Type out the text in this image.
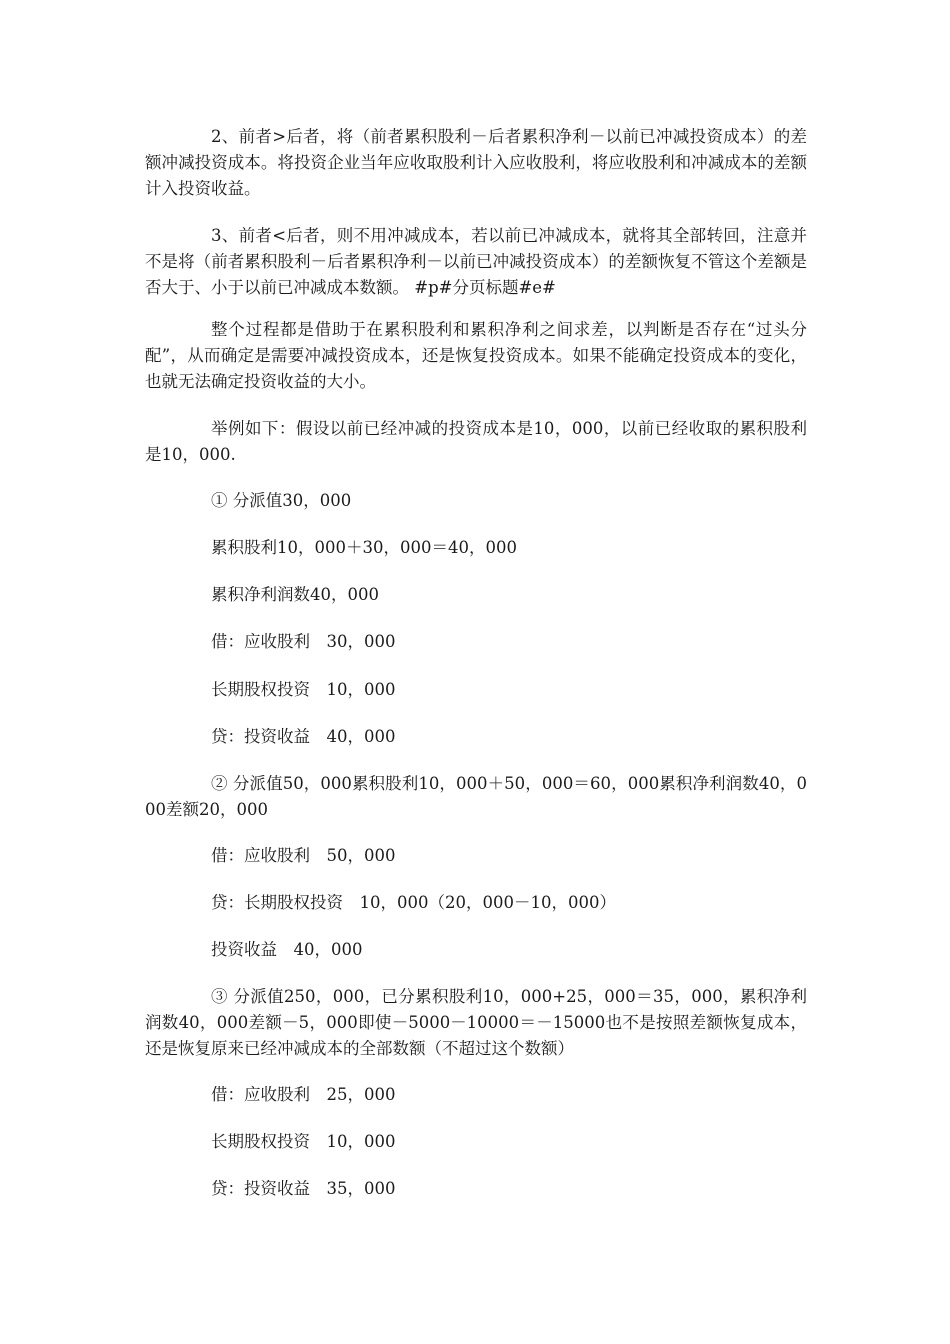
2、前者>后者，将（前者累积股利－后者累积净利－以前已冲减投资成本）的差额冲减投资成本。将投资企业当年应收取股利计入应收股利，将应收股利和冲减成本的差额计入投资收益。

3、前者<后者，则不用冲减成本，若以前已冲减成本，就将其全部转回，注意并不是将（前者累积股利－后者累积净利－以前已冲减投资成本）的差额恢复不管这个差额是否大于、小于以前已冲减成本数额。 #p#分页标题#e#

整个过程都是借助于在累积股利和累积净利之间求差，以判断是否存在“过头分配”，从而确定是需要冲减投资成本，还是恢复投资成本。如果不能确定投资成本的变化，也就无法确定投资收益的大小。

举例如下：假设以前已经冲减的投资成本是10，000，以前已经收取的累积股利是10，000.

① 分派值30，000

累积股利10，000＋30，000＝40，000

累积净利润数40，000

借：应收股利　30，000

长期股权投资　10，000

贷：投资收益　40，000

② 分派值50，000累积股利10，000＋50，000＝60，000累积净利润数40，000差额20，000

借：应收股利　50，000

贷：长期股权投资　10，000（20，000－10，000）

投资收益　40，000

③ 分派值250，000，已分累积股利10，000+25，000＝35，000，累积净利润数40，000差额－5，000即使－5000－10000＝－15000也不是按照差额恢复成本，还是恢复原来已经冲减成本的全部数额（不超过这个数额）

借：应收股利　25，000

长期股权投资　10，000

贷：投资收益　35，000
